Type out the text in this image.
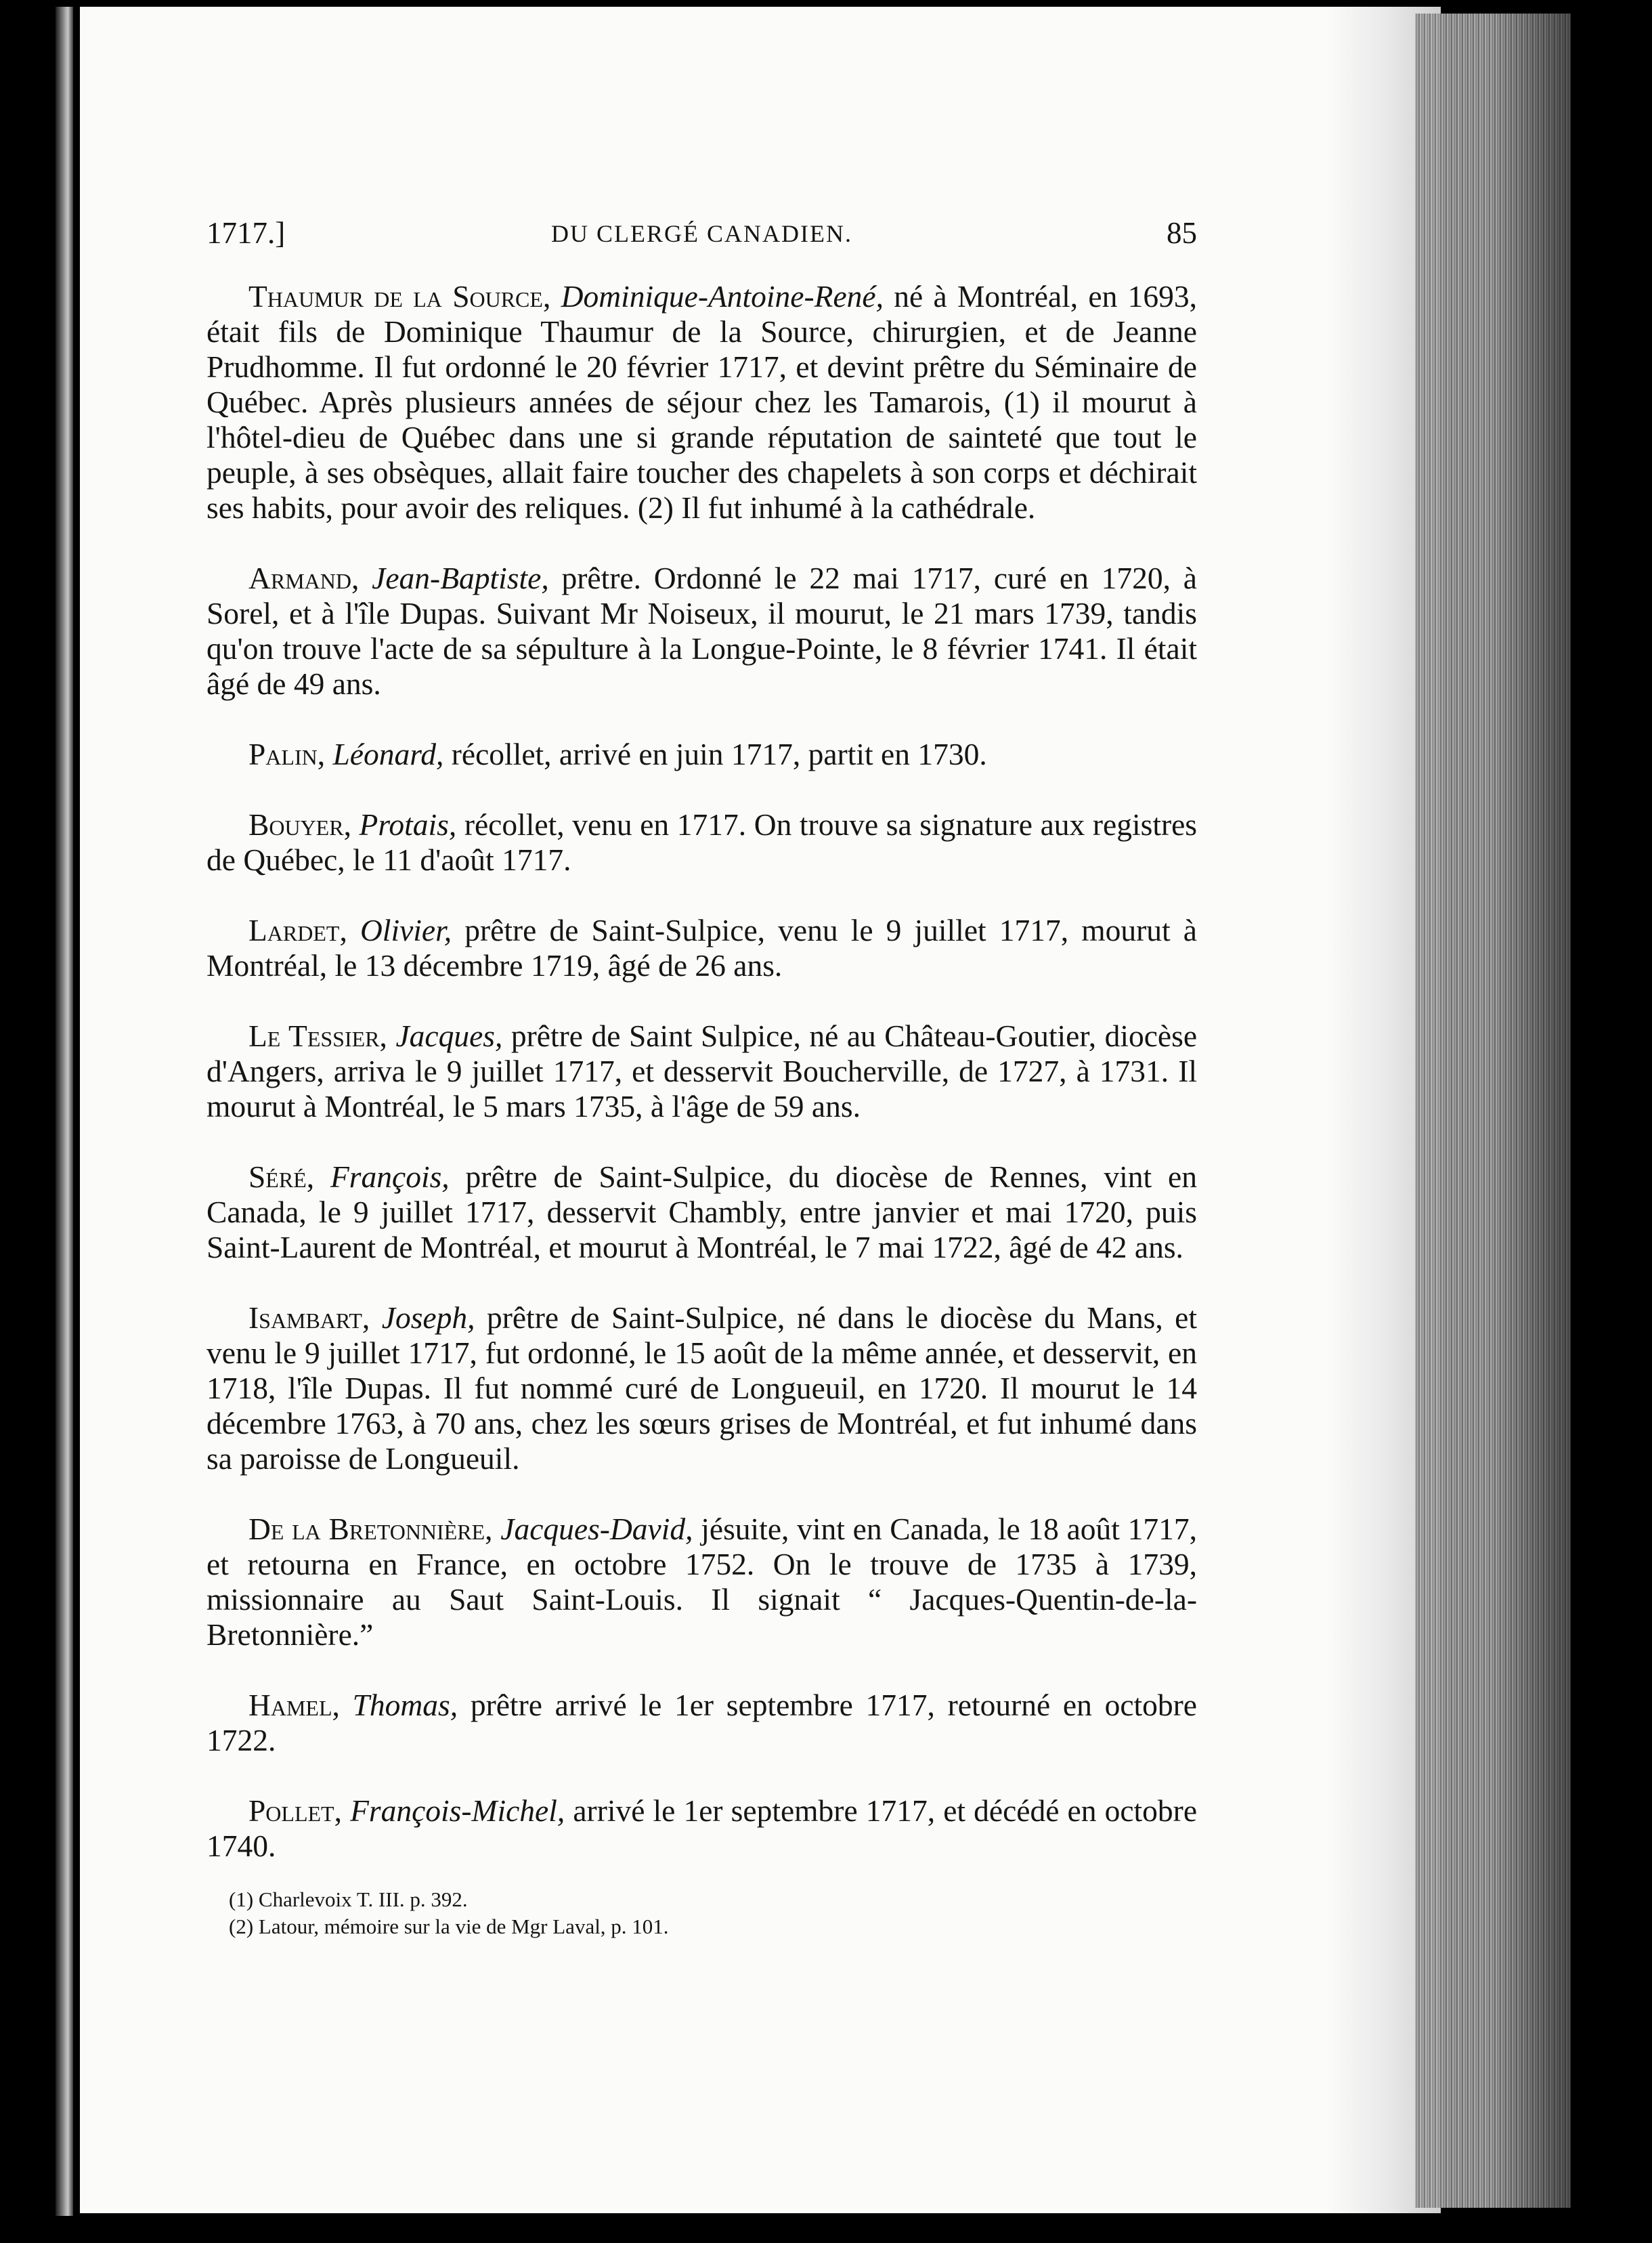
1717.]	DU CLERGÉ CANADIEN.	85

Thaumur de la Source, Dominique-Antoine-René, né à Montréal, en 1693, était fils de Dominique Thaumur de la Source, chirurgien, et de Jeanne Prudhomme. Il fut ordonné le 20 février 1717, et devint prêtre du Séminaire de Québec. Après plusieurs années de séjour chez les Tamarois, (1) il mourut à l'hôtel-dieu de Québec dans une si grande réputation de sainteté que tout le peuple, à ses obsèques, allait faire toucher des chapelets à son corps et déchirait ses habits, pour avoir des reliques. (2) Il fut inhumé à la cathédrale.

Armand, Jean-Baptiste, prêtre. Ordonné le 22 mai 1717, curé en 1720, à Sorel, et à l'île Dupas. Suivant Mr Noiseux, il mourut, le 21 mars 1739, tandis qu'on trouve l'acte de sa sépulture à la Longue-Pointe, le 8 février 1741. Il était âgé de 49 ans.

Palin, Léonard, récollet, arrivé en juin 1717, partit en 1730.

Bouyer, Protais, récollet, venu en 1717. On trouve sa signature aux registres de Québec, le 11 d'août 1717.

Lardet, Olivier, prêtre de Saint-Sulpice, venu le 9 juillet 1717, mourut à Montréal, le 13 décembre 1719, âgé de 26 ans.

Le Tessier, Jacques, prêtre de Saint Sulpice, né au Château-Goutier, diocèse d'Angers, arriva le 9 juillet 1717, et desservit Boucherville, de 1727, à 1731. Il mourut à Montréal, le 5 mars 1735, à l'âge de 59 ans.

Séré, François, prêtre de Saint-Sulpice, du diocèse de Rennes, vint en Canada, le 9 juillet 1717, desservit Chambly, entre janvier et mai 1720, puis Saint-Laurent de Montréal, et mourut à Montréal, le 7 mai 1722, âgé de 42 ans.

Isambart, Joseph, prêtre de Saint-Sulpice, né dans le diocèse du Mans, et venu le 9 juillet 1717, fut ordonné, le 15 août de la même année, et desservit, en 1718, l'île Dupas. Il fut nommé curé de Longueuil, en 1720. Il mourut le 14 décembre 1763, à 70 ans, chez les sœurs grises de Montréal, et fut inhumé dans sa paroisse de Longueuil.

De la Bretonnière, Jacques-David, jésuite, vint en Canada, le 18 août 1717, et retourna en France, en octobre 1752. On le trouve de 1735 à 1739, missionnaire au Saut Saint-Louis. Il signait “ Jacques-Quentin-de-la-Bretonnière.”

Hamel, Thomas, prêtre arrivé le 1er septembre 1717, retourné en octobre 1722.

Pollet, François-Michel, arrivé le 1er septembre 1717, et décédé en octobre 1740.

(1) Charlevoix T. III. p. 392.

(2) Latour, mémoire sur la vie de Mgr Laval, p. 101.
